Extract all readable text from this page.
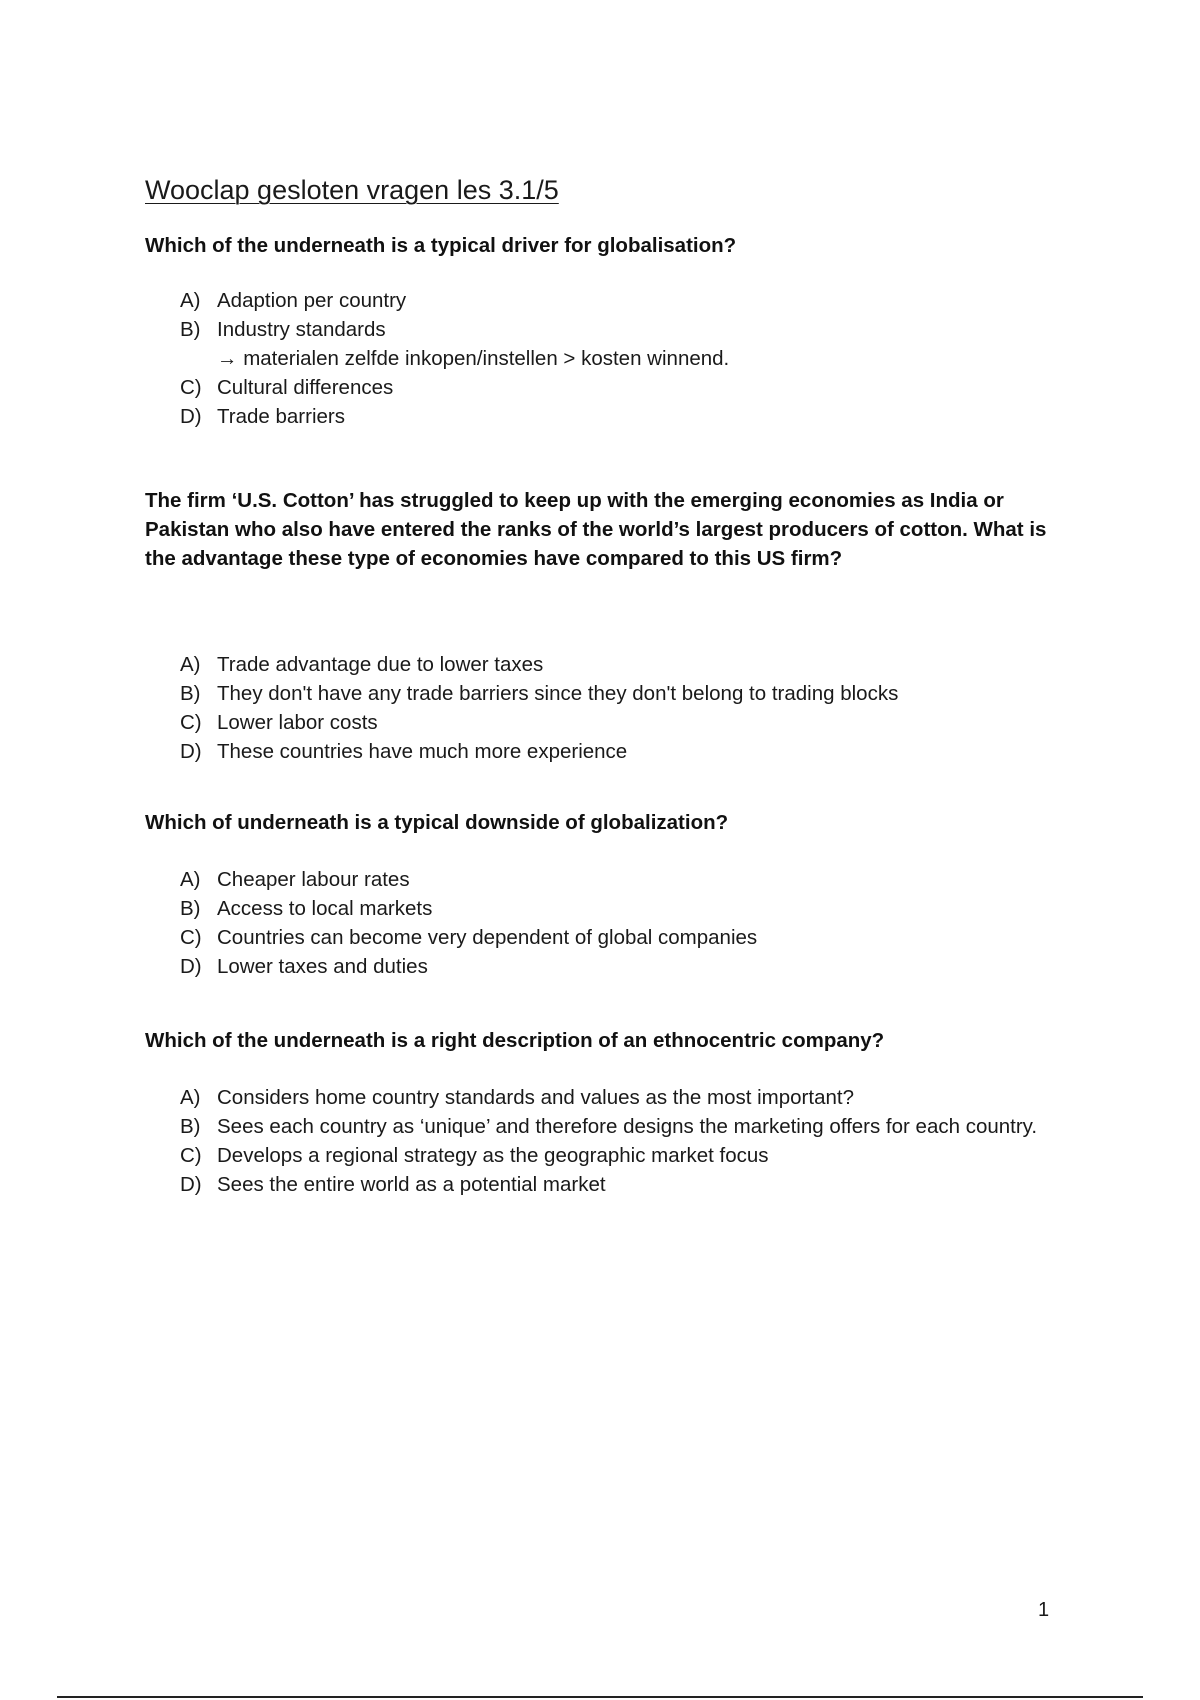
Wooclap gesloten vragen les 3.1/5
Which of the underneath is a typical driver for globalisation?
A) Adaption per country
B) Industry standards
→ materialen zelfde inkopen/instellen > kosten winnend.
C) Cultural differences
D) Trade barriers
The firm ‘U.S. Cotton’ has struggled to keep up with the emerging economies as India or Pakistan who also have entered the ranks of the world’s largest producers of cotton. What is the advantage these type of economies have compared to this US firm?
A) Trade advantage due to lower taxes
B) They don't have any trade barriers since they don't belong to trading blocks
C) Lower labor costs
D) These countries have much more experience
Which of underneath is a typical downside of globalization?
A) Cheaper labour rates
B) Access to local markets
C) Countries can become very dependent of global companies
D) Lower taxes and duties
Which of the underneath is a right description of an ethnocentric company?
A) Considers home country standards and values as the most important?
B) Sees each country as ‘unique’ and therefore designs the marketing offers for each country.
C) Develops a regional strategy as the geographic market focus
D) Sees the entire world as a potential market
1
